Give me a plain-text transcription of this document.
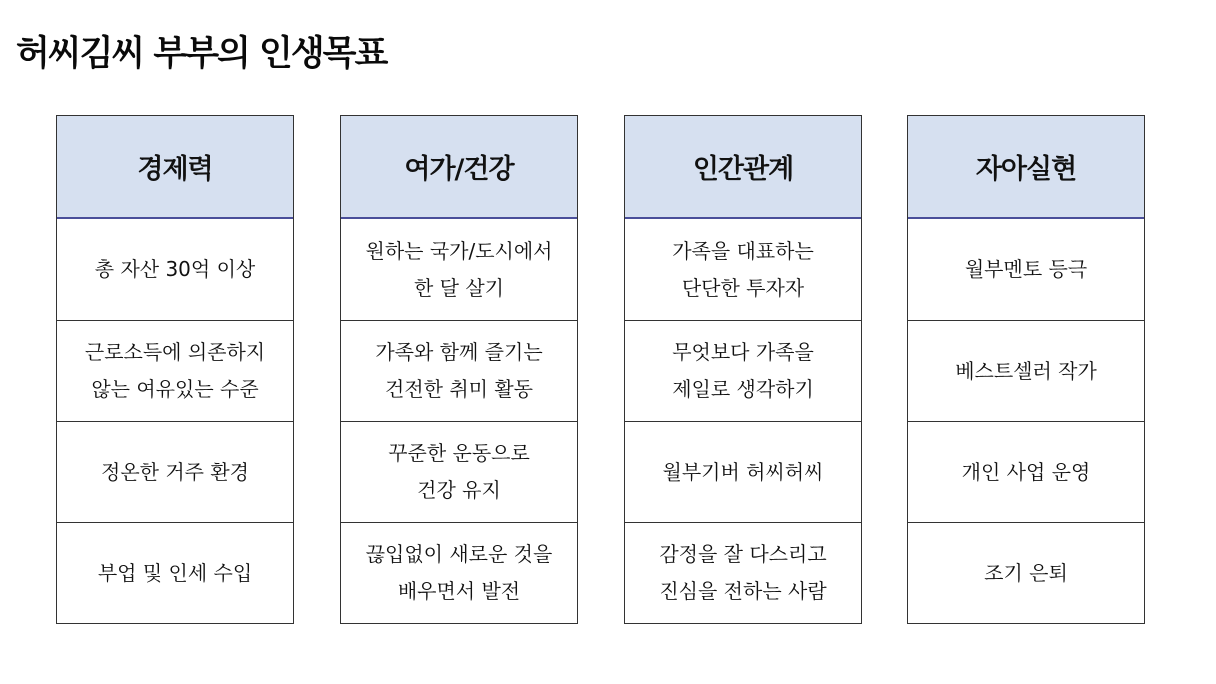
허씨김씨 부부의 인생목표
경제력
총 자산 30억 이상
근로소득에 의존하지
않는 여유있는 수준
정온한 거주 환경
부업 및 인세 수입
여가/건강
원하는 국가/도시에서
한 달 살기
가족와 함께 즐기는
건전한 취미 활동
꾸준한 운동으로
건강 유지
끊입없이 새로운 것을
배우면서 발전
인간관계
가족을 대표하는
단단한 투자자
무엇보다 가족을
제일로 생각하기
월부기버 허씨허씨
감정을 잘 다스리고
진심을 전하는 사람
자아실현
월부멘토 등극
베스트셀러 작가
개인 사업 운영
조기 은퇴
